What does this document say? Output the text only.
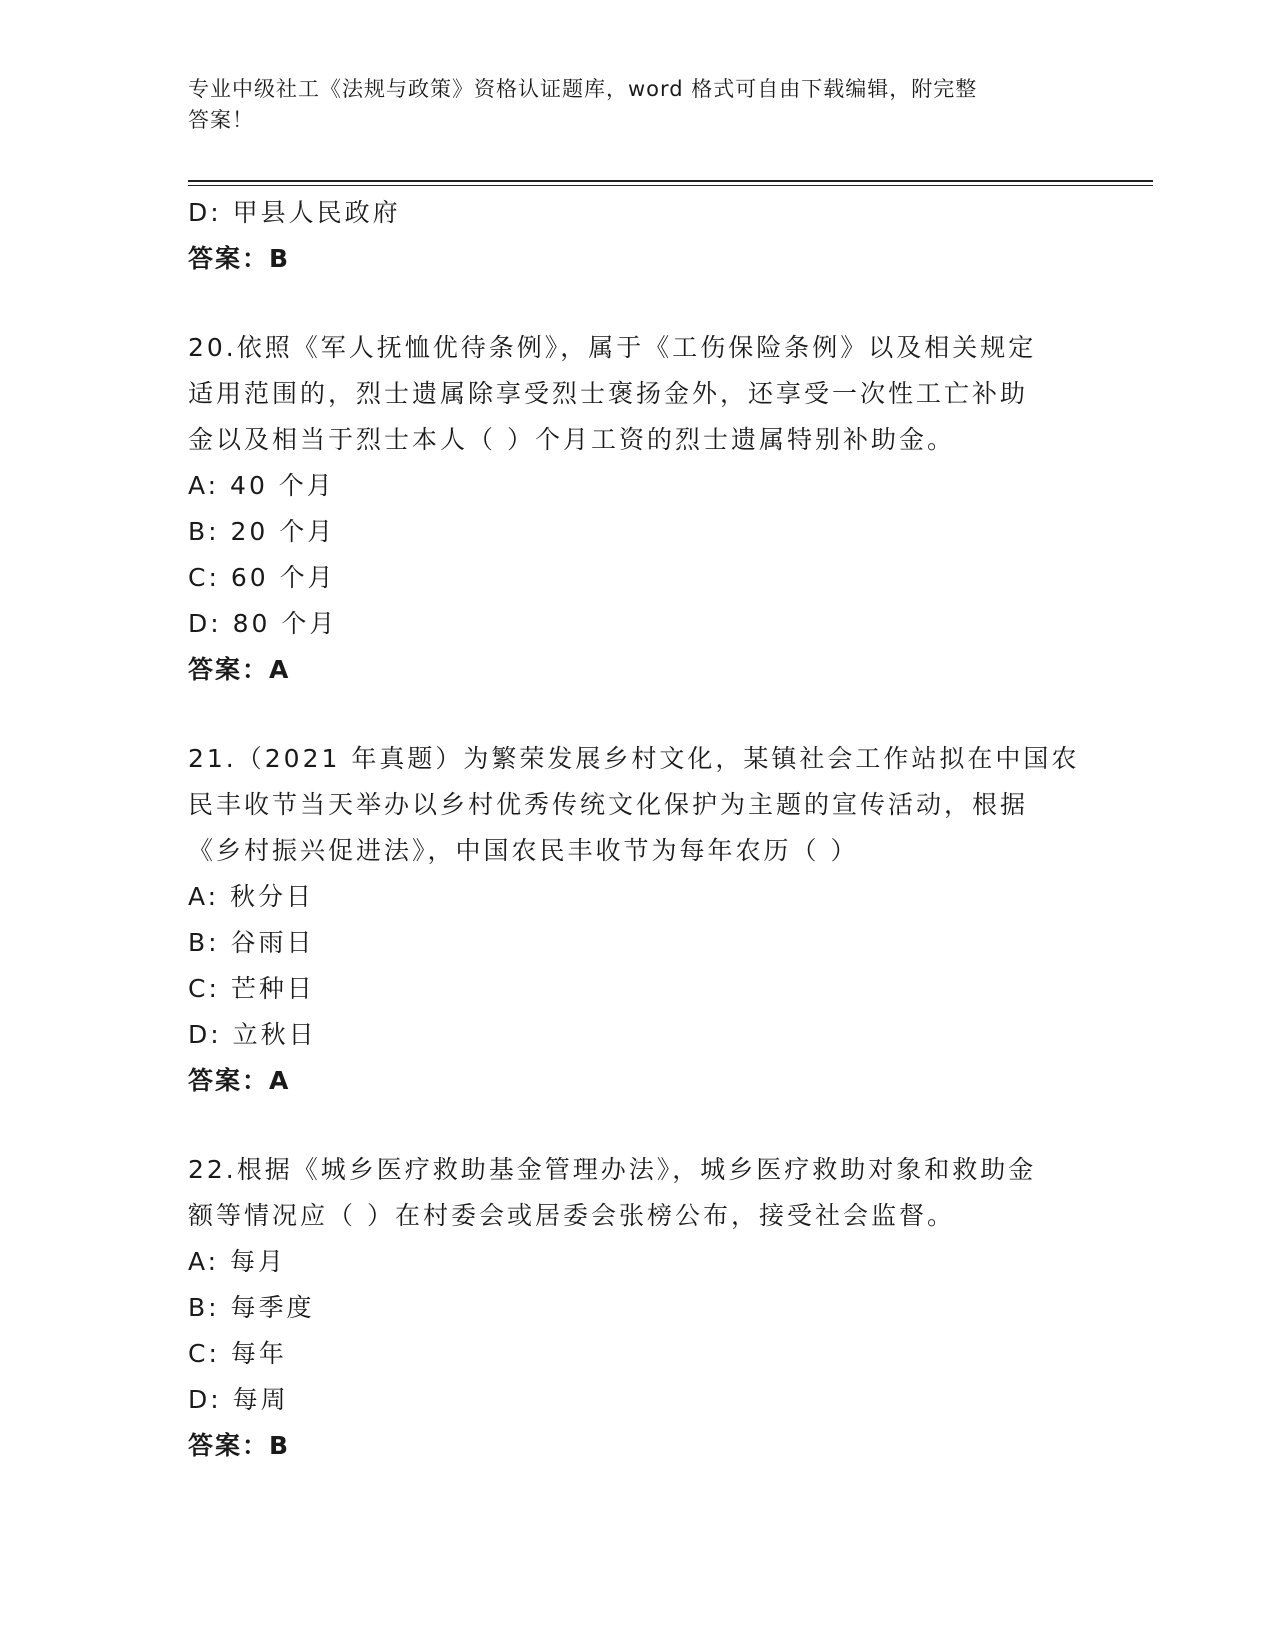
专业中级社工《法规与政策》资格认证题库，word 格式可自由下载编辑，附完整
答案！
D: 甲县人民政府
答案：B
20.依照《军人抚恤优待条例》，属于《工伤保险条例》以及相关规定
适用范围的，烈士遗属除享受烈士褒扬金外，还享受一次性工亡补助
金以及相当于烈士本人（ ）个月工资的烈士遗属特别补助金。
A: 40 个月
B: 20 个月
C: 60 个月
D: 80 个月
答案：A
21.（2021 年真题）为繁荣发展乡村文化，某镇社会工作站拟在中国农
民丰收节当天举办以乡村优秀传统文化保护为主题的宣传活动，根据
《乡村振兴促进法》，中国农民丰收节为每年农历（ ）
A: 秋分日
B: 谷雨日
C: 芒种日
D: 立秋日
答案：A
22.根据《城乡医疗救助基金管理办法》，城乡医疗救助对象和救助金
额等情况应（ ）在村委会或居委会张榜公布，接受社会监督。
A: 每月
B: 每季度
C: 每年
D: 每周
答案：B
